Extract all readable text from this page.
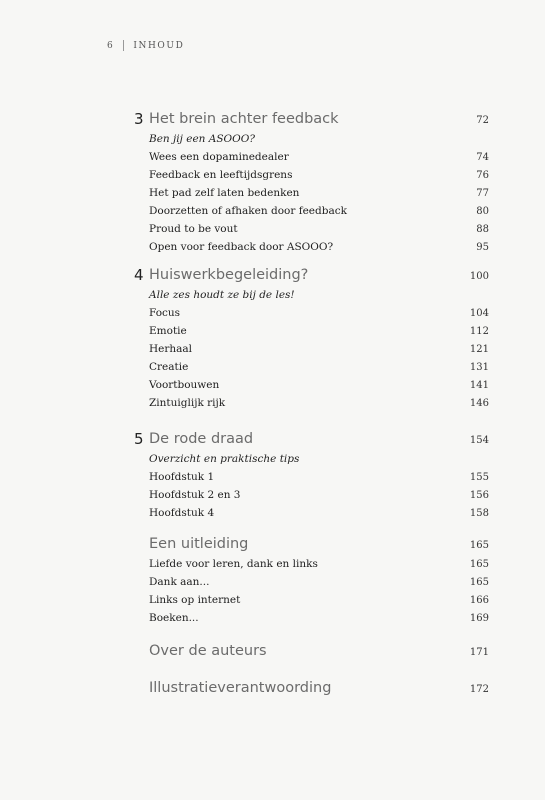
6 INHOUD
3 Het brein achter feedback	72
Ben jij een ASOOO?
Wees een dopaminedealer	74
Feedback en leeftijdsgrens	76
Het pad zelf laten bedenken	77
Doorzetten of afhaken door feedback	80
Proud to be vout	88
Open voor feedback door ASOOO?	95
4 Huiswerkbegeleiding?	100
Alle zes houdt ze bij de les!
Focus	104
Emotie	112
Herhaal	121
Creatie	131
Voortbouwen	141
Zintuiglijk rijk	146
5 De rode draad	154
Overzicht en praktische tips
Hoofdstuk 1	155
Hoofdstuk 2 en 3	156
Hoofdstuk 4	158
Een uitleiding	165
Liefde voor leren, dank en links	165
Dank aan...	165
Links op internet	166
Boeken...	169
Over de auteurs	171
Illustratieverantwoording	172
